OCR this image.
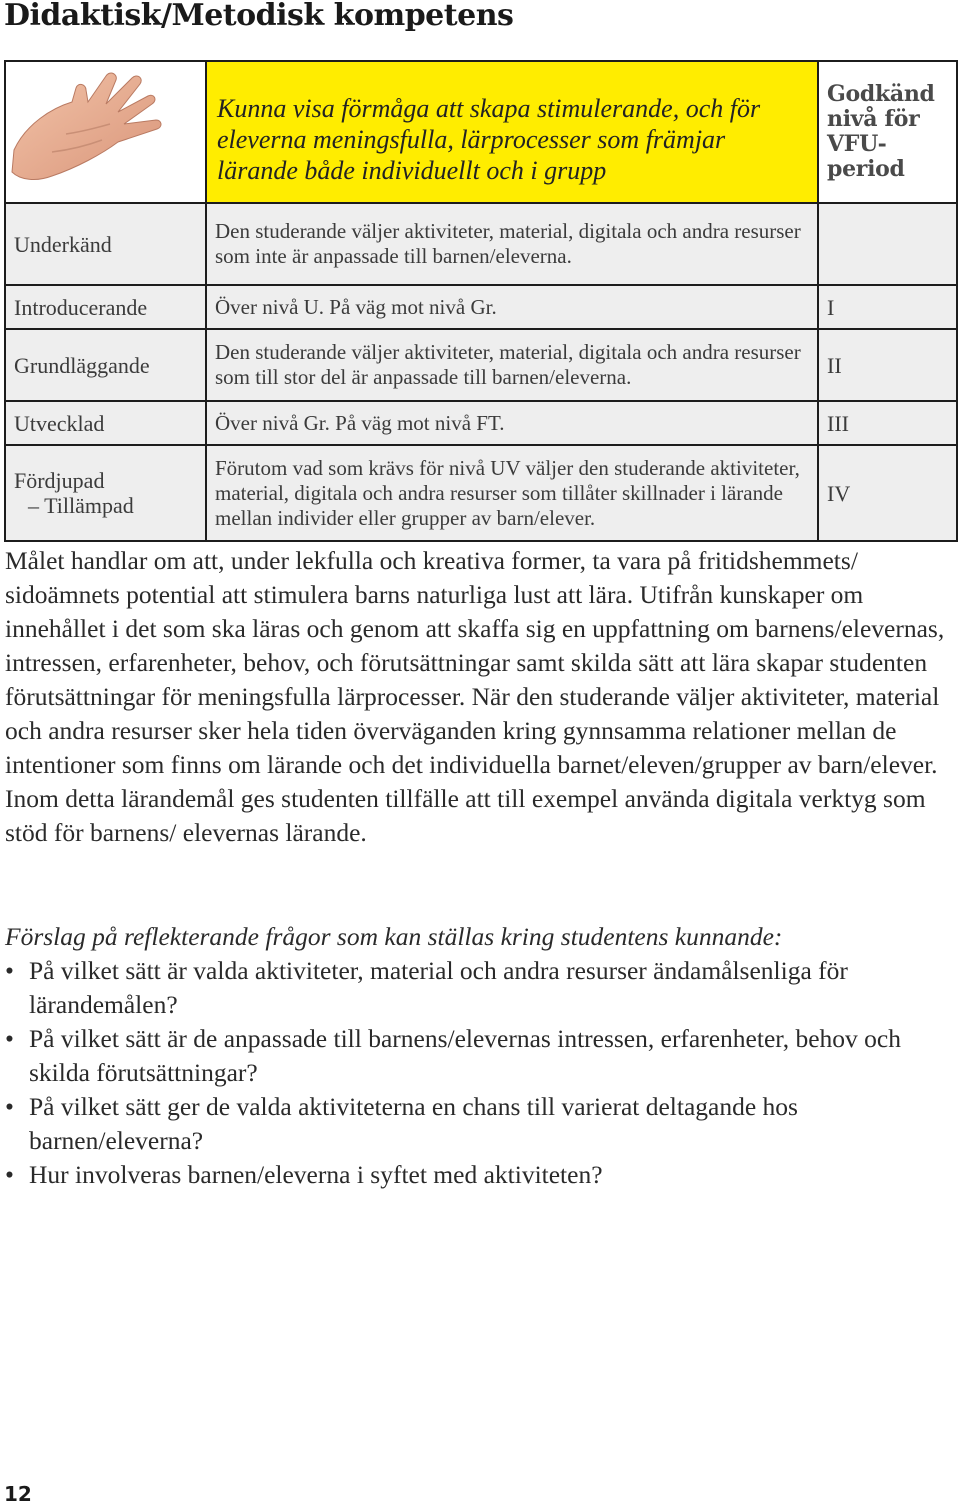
Didaktisk/Metodisk kompetens

Kunna visa förmåga att skapa stimulerande, och för eleverna meningsfulla, lärprocesser som främjar lärande både individuellt och i grupp	Godkänd
nivå för
VFU-period

Underkänd	Den studerande väljer aktiviteter, material, digitala och andra resurser som inte är anpassade till barnen/eleverna.	
Introducerande	Över nivå U. På väg mot nivå Gr.	I
Grundläggande	Den studerande väljer aktiviteter, material, digitala och andra resurser som till stor del är anpassade till barnen/eleverna.	II
Utvecklad	Över nivå Gr. På väg mot nivå FT.	III
Fördjupad
– Tillämpad	Förutom vad som krävs för nivå UV väljer den studerande aktiviteter, material, digitala och andra resurser som tillåter skillnader i lärande mellan individer eller grupper av barn/elever.	IV
Målet handlar om att, under lekfulla och kreativa former, ta vara på fritidshemmets/ sidoämnets potential att stimulera barns naturliga lust att lära. Utifrån kunskaper om innehållet i det som ska läras och genom att skaffa sig en uppfattning om barnens/elevernas, intressen, erfarenheter, behov, och förutsättningar samt skilda sätt att lära skapar studenten förutsättningar för meningsfulla lärprocesser. När den studerande väljer aktiviteter, material och andra resurser sker hela tiden överväganden kring gynnsamma relationer mellan de intentioner som finns om lärande och det individuella barnet/eleven/grupper av barn/elever. Inom detta lärandemål ges studenten tillfälle att till exempel använda digitala verktyg som stöd för barnens/ elevernas lärande.
Förslag på reflekterande frågor som kan ställas kring studentens kunnande:
• På vilket sätt är valda aktiviteter, material och andra resurser ändamålsenliga för lärandemålen?
• På vilket sätt är de anpassade till barnens/elevernas intressen, erfarenheter, behov och skilda förutsättningar?
• På vilket sätt ger de valda aktiviteterna en chans till varierat deltagande hos barnen/eleverna?
• Hur involveras barnen/eleverna i syftet med aktiviteten?
12
